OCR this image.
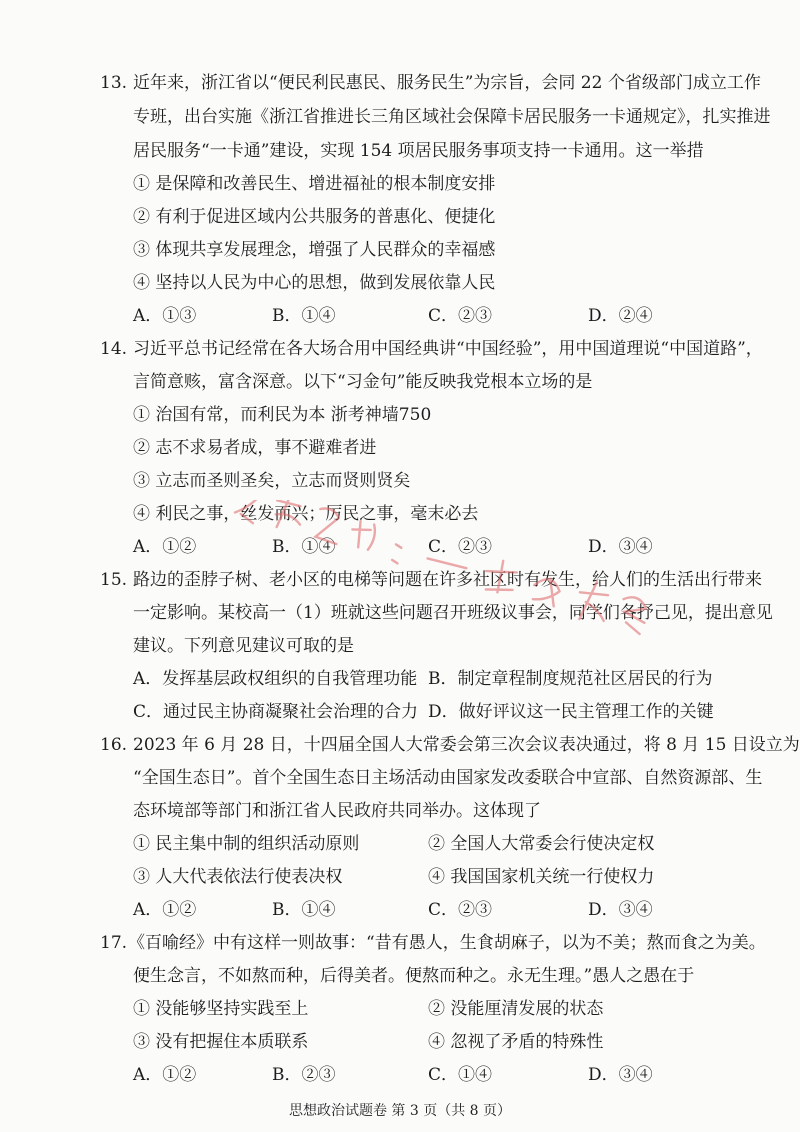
13. 近年来，浙江省以“便民利民惠民、服务民生”为宗旨，会同 22 个省级部门成立工作
专班，出台实施《浙江省推进长三角区域社会保障卡居民服务一卡通规定》，扎实推进
居民服务“一卡通”建设，实现 154 项居民服务事项支持一卡通用。这一举措
① 是保障和改善民生、增进福祉的根本制度安排
② 有利于促进区域内公共服务的普惠化、便捷化
③ 体现共享发展理念，增强了人民群众的幸福感
④ 坚持以人民为中心的思想，做到发展依靠人民
A．①③	B．①④	C．②③	D．②④
14. 习近平总书记经常在各大场合用中国经典讲“中国经验”，用中国道理说“中国道路”，
言简意赅，富含深意。以下“习金句”能反映我党根本立场的是
① 治国有常，而利民为本 浙考神墙750
② 志不求易者成，事不避难者进
③ 立志而圣则圣矣，立志而贤则贤矣
④ 利民之事，丝发而兴；厉民之事，毫末必去
A．①②	B．①④	C．②③	D．③④
15. 路边的歪脖子树、老小区的电梯等问题在许多社区时有发生，给人们的生活出行带来
一定影响。某校高一（1）班就这些问题召开班级议事会，同学们各抒己见，提出意见
建议。下列意见建议可取的是
A．发挥基层政权组织的自我管理功能 B．制定章程制度规范社区居民的行为
C．通过民主协商凝聚社会治理的合力 D．做好评议这一民主管理工作的关键
16. 2023 年 6 月 28 日，十四届全国人大常委会第三次会议表决通过，将 8 月 15 日设立为
“全国生态日”。首个全国生态日主场活动由国家发改委联合中宣部、自然资源部、生
态环境部等部门和浙江省人民政府共同举办。这体现了
① 民主集中制的组织活动原则	② 全国人大常委会行使决定权
③ 人大代表依法行使表决权	④ 我国国家机关统一行使权力
A．①②	B．①④	C．②③	D．③④
17. 《百喻经》中有这样一则故事：“昔有愚人，生食胡麻子，以为不美；熬而食之为美。
便生念言，不如熬而种，后得美者。便熬而种之。永无生理。”愚人之愚在于
① 没能够坚持实践至上	② 没能厘清发展的状态
③ 没有把握住本质联系	④ 忽视了矛盾的特殊性
A．①②	B．②③	C．①④	D．③④
思想政治试题卷 第 3 页（共 8 页）
